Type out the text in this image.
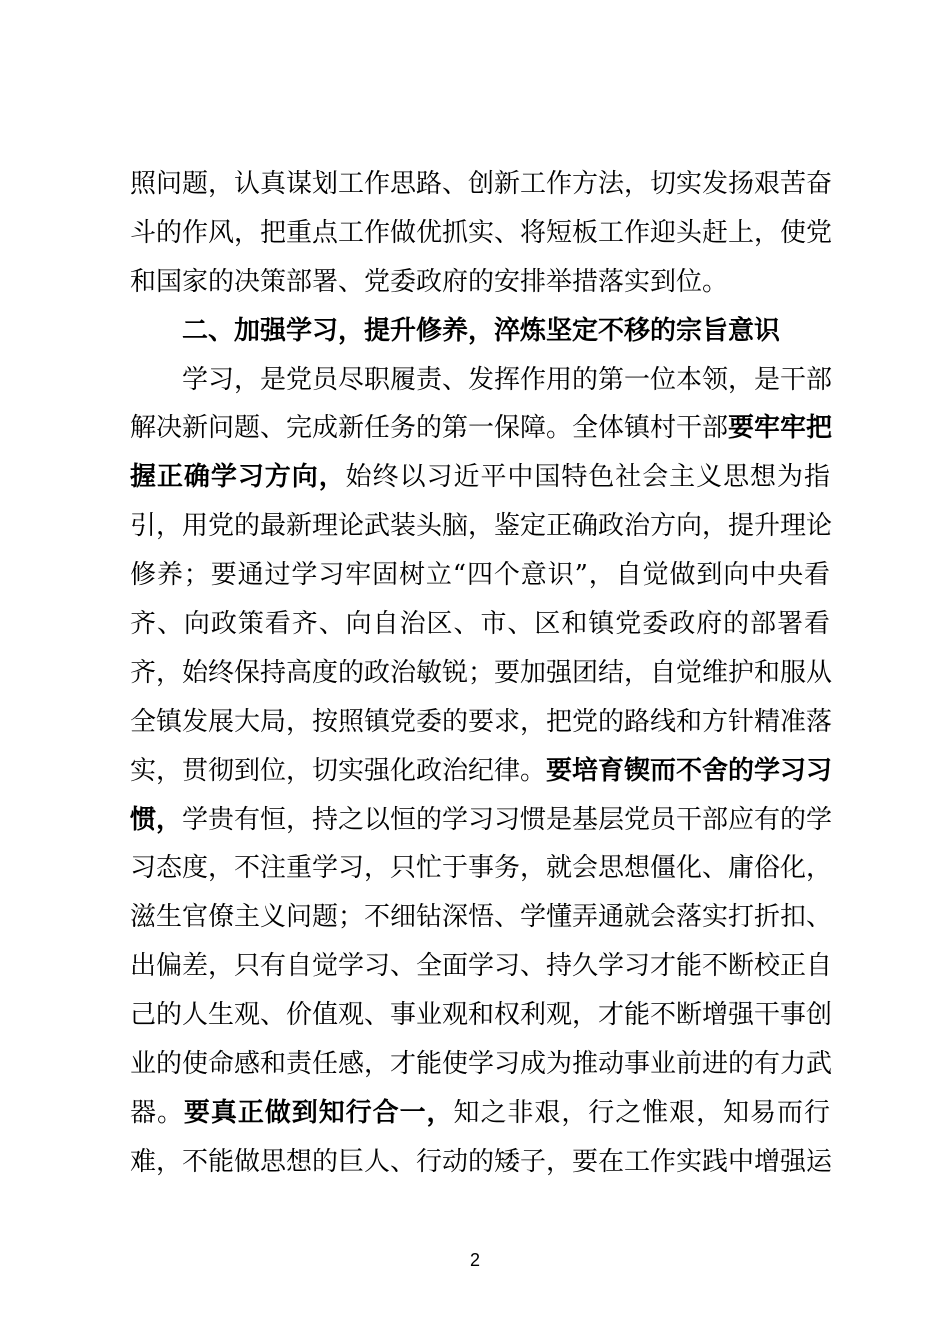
照问题，认真谋划工作思路、创新工作方法，切实发扬艰苦奋
斗的作风，把重点工作做优抓实、将短板工作迎头赶上，使党
和国家的决策部署、党委政府的安排举措落实到位。
二、加强学习，提升修养，淬炼坚定不移的宗旨意识
学习，是党员尽职履责、发挥作用的第一位本领，是干部
解决新问题、完成新任务的第一保障。全体镇村干部要牢牢把
握正确学习方向，始终以习近平中国特色社会主义思想为指
引，用党的最新理论武装头脑，鉴定正确政治方向，提升理论
修养；要通过学习牢固树立“四个意识”，自觉做到向中央看
齐、向政策看齐、向自治区、市、区和镇党委政府的部署看
齐，始终保持高度的政治敏锐；要加强团结，自觉维护和服从
全镇发展大局，按照镇党委的要求，把党的路线和方针精准落
实，贯彻到位，切实强化政治纪律。要培育锲而不舍的学习习
惯，学贵有恒，持之以恒的学习习惯是基层党员干部应有的学
习态度，不注重学习，只忙于事务，就会思想僵化、庸俗化，
滋生官僚主义问题；不细钻深悟、学懂弄通就会落实打折扣、
出偏差，只有自觉学习、全面学习、持久学习才能不断校正自
己的人生观、价值观、事业观和权利观，才能不断增强干事创
业的使命感和责任感，才能使学习成为推动事业前进的有力武
器。要真正做到知行合一，知之非艰，行之惟艰，知易而行
难，不能做思想的巨人、行动的矮子，要在工作实践中增强运
2
